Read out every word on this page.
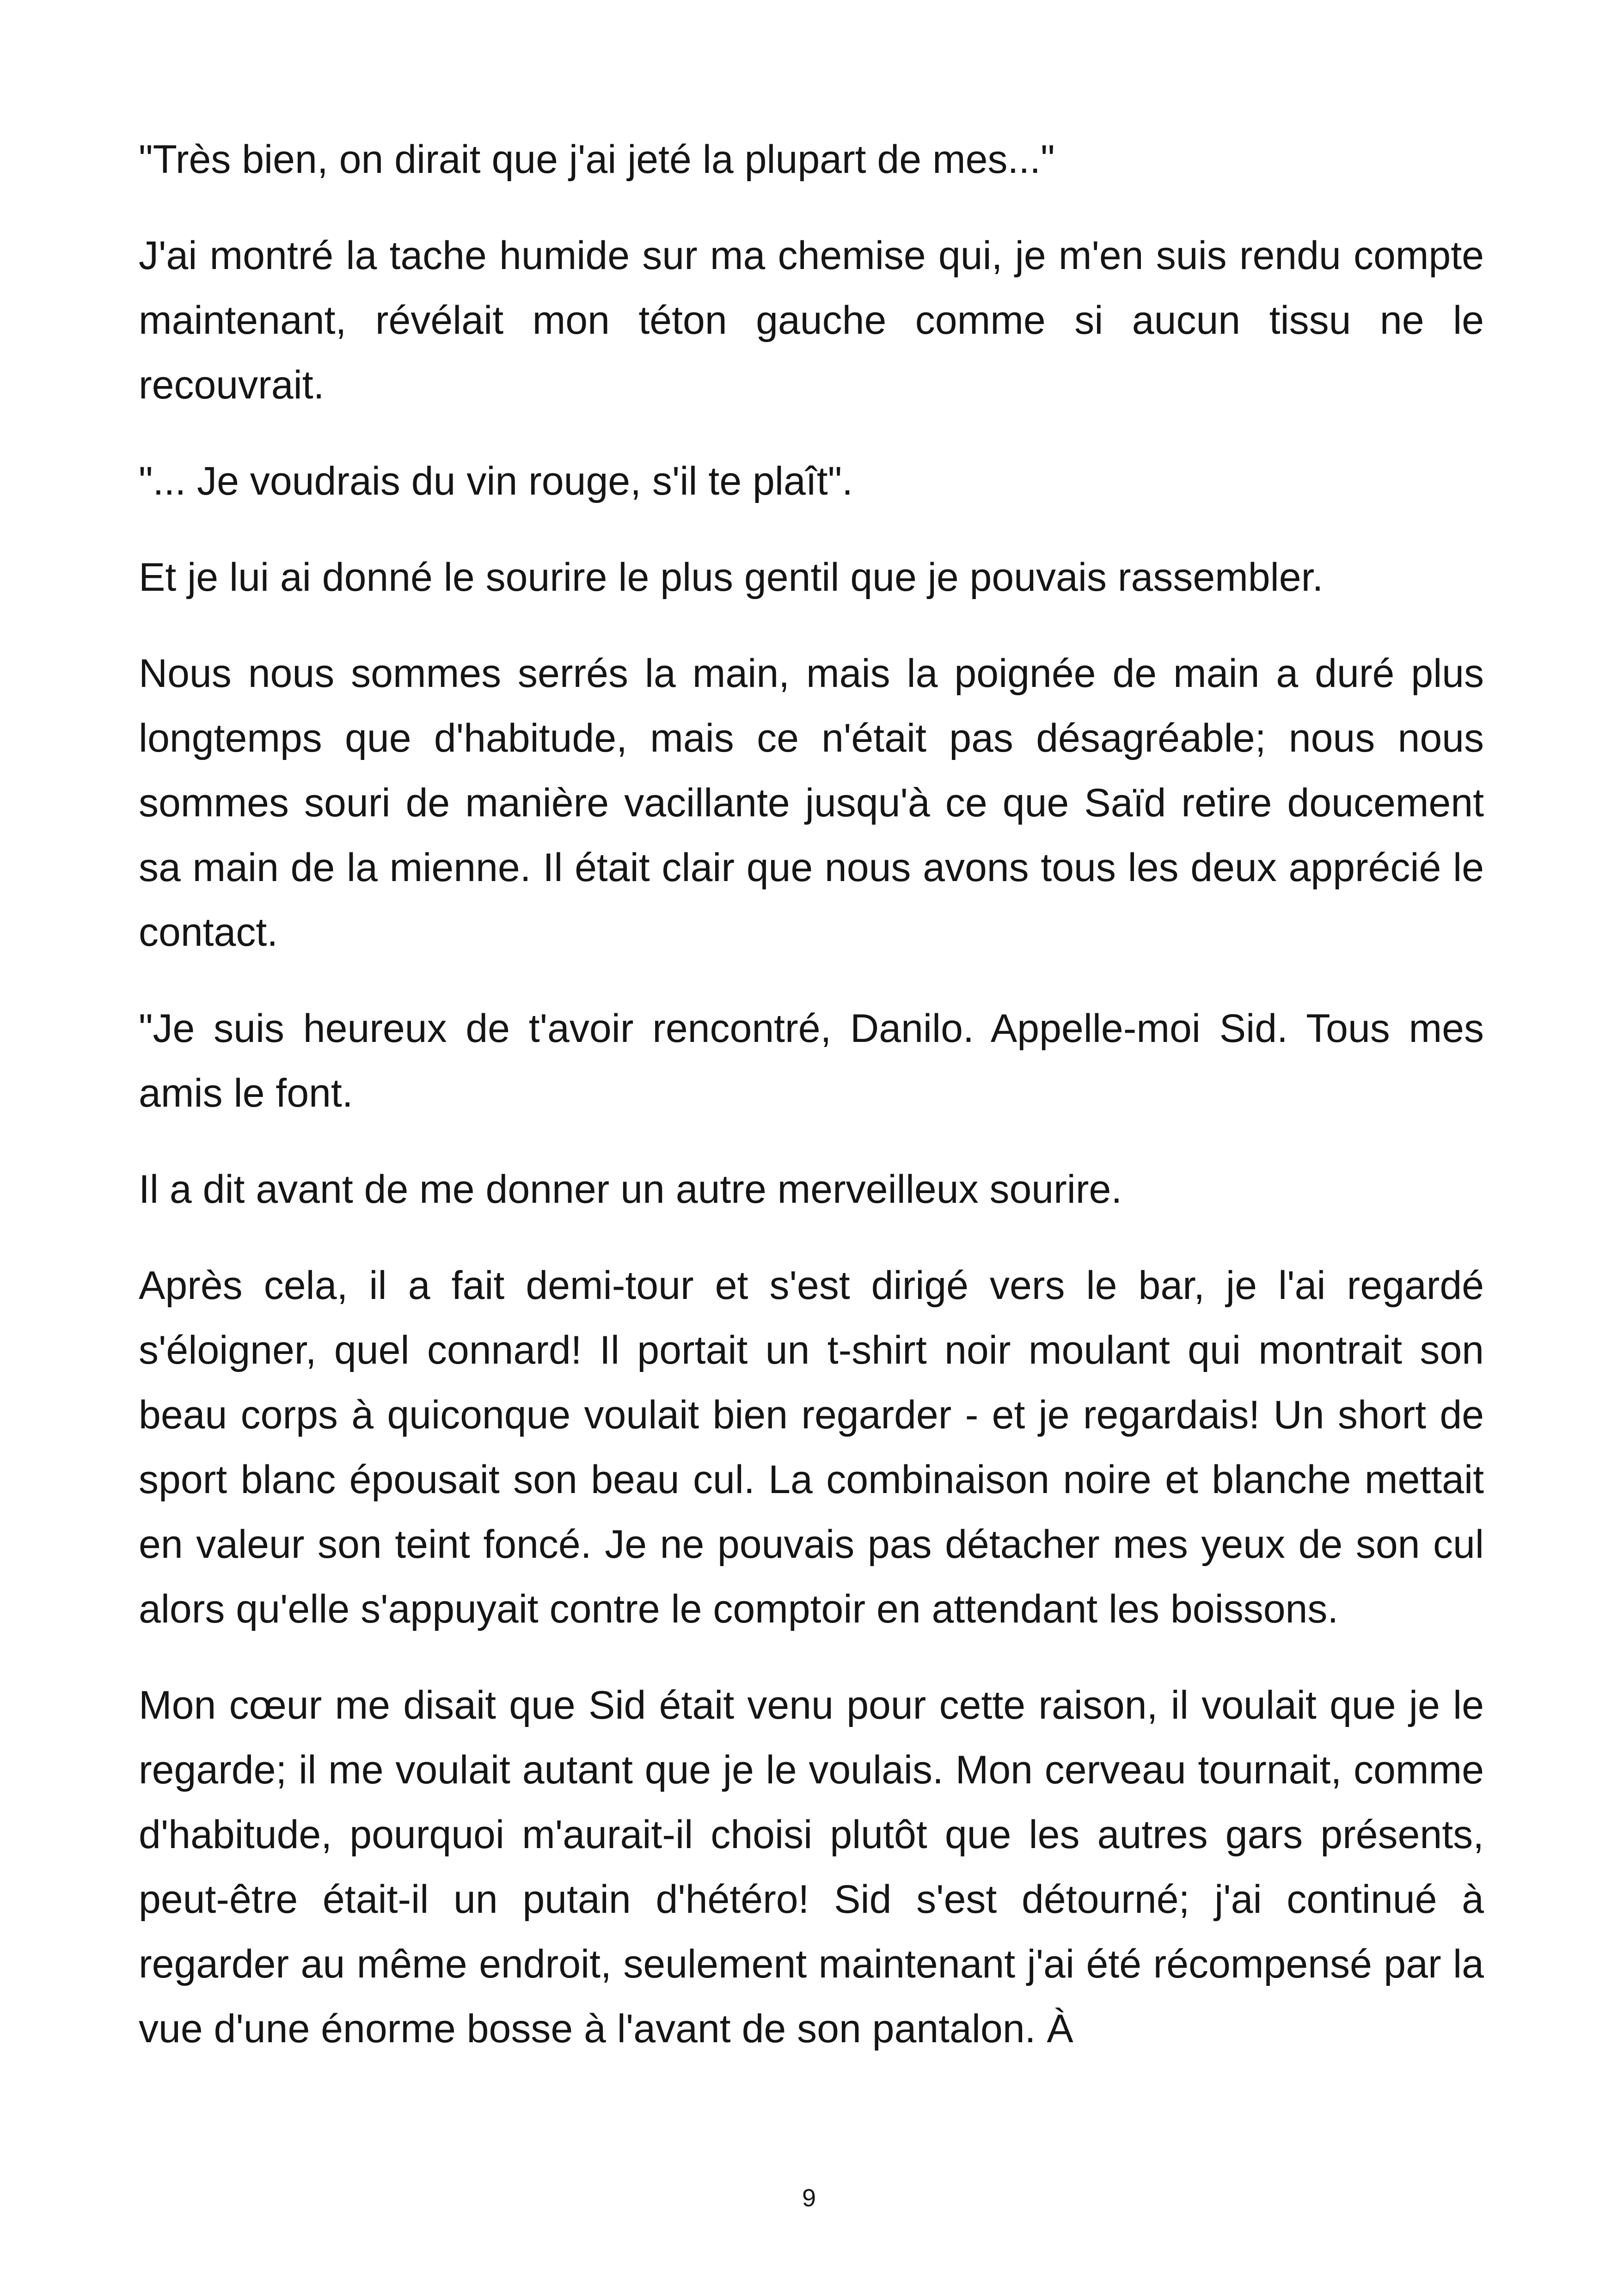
"Très bien, on dirait que j'ai jeté la plupart de mes..."

J'ai montré la tache humide sur ma chemise qui, je m'en suis rendu compte maintenant, révélait mon téton gauche comme si aucun tissu ne le recouvrait.

"... Je voudrais du vin rouge, s'il te plaît".

Et je lui ai donné le sourire le plus gentil que je pouvais rassembler.

Nous nous sommes serrés la main, mais la poignée de main a duré plus longtemps que d'habitude, mais ce n'était pas désagréable; nous nous sommes souri de manière vacillante jusqu'à ce que Saïd retire doucement sa main de la mienne. Il était clair que nous avons tous les deux apprécié le contact.

"Je suis heureux de t'avoir rencontré, Danilo. Appelle-moi Sid. Tous mes amis le font.

Il a dit avant de me donner un autre merveilleux sourire.

Après cela, il a fait demi-tour et s'est dirigé vers le bar, je l'ai regardé s'éloigner, quel connard! Il portait un t-shirt noir moulant qui montrait son beau corps à quiconque voulait bien regarder - et je regardais! Un short de sport blanc épousait son beau cul. La combinaison noire et blanche mettait en valeur son teint foncé. Je ne pouvais pas détacher mes yeux de son cul alors qu'elle s'appuyait contre le comptoir en attendant les boissons.

Mon cœur me disait que Sid était venu pour cette raison, il voulait que je le regarde; il me voulait autant que je le voulais. Mon cerveau tournait, comme d'habitude, pourquoi m'aurait-il choisi plutôt que les autres gars présents, peut-être était-il un putain d'hétéro! Sid s'est détourné; j'ai continué à regarder au même endroit, seulement maintenant j'ai été récompensé par la vue d'une énorme bosse à l'avant de son pantalon. À

9
